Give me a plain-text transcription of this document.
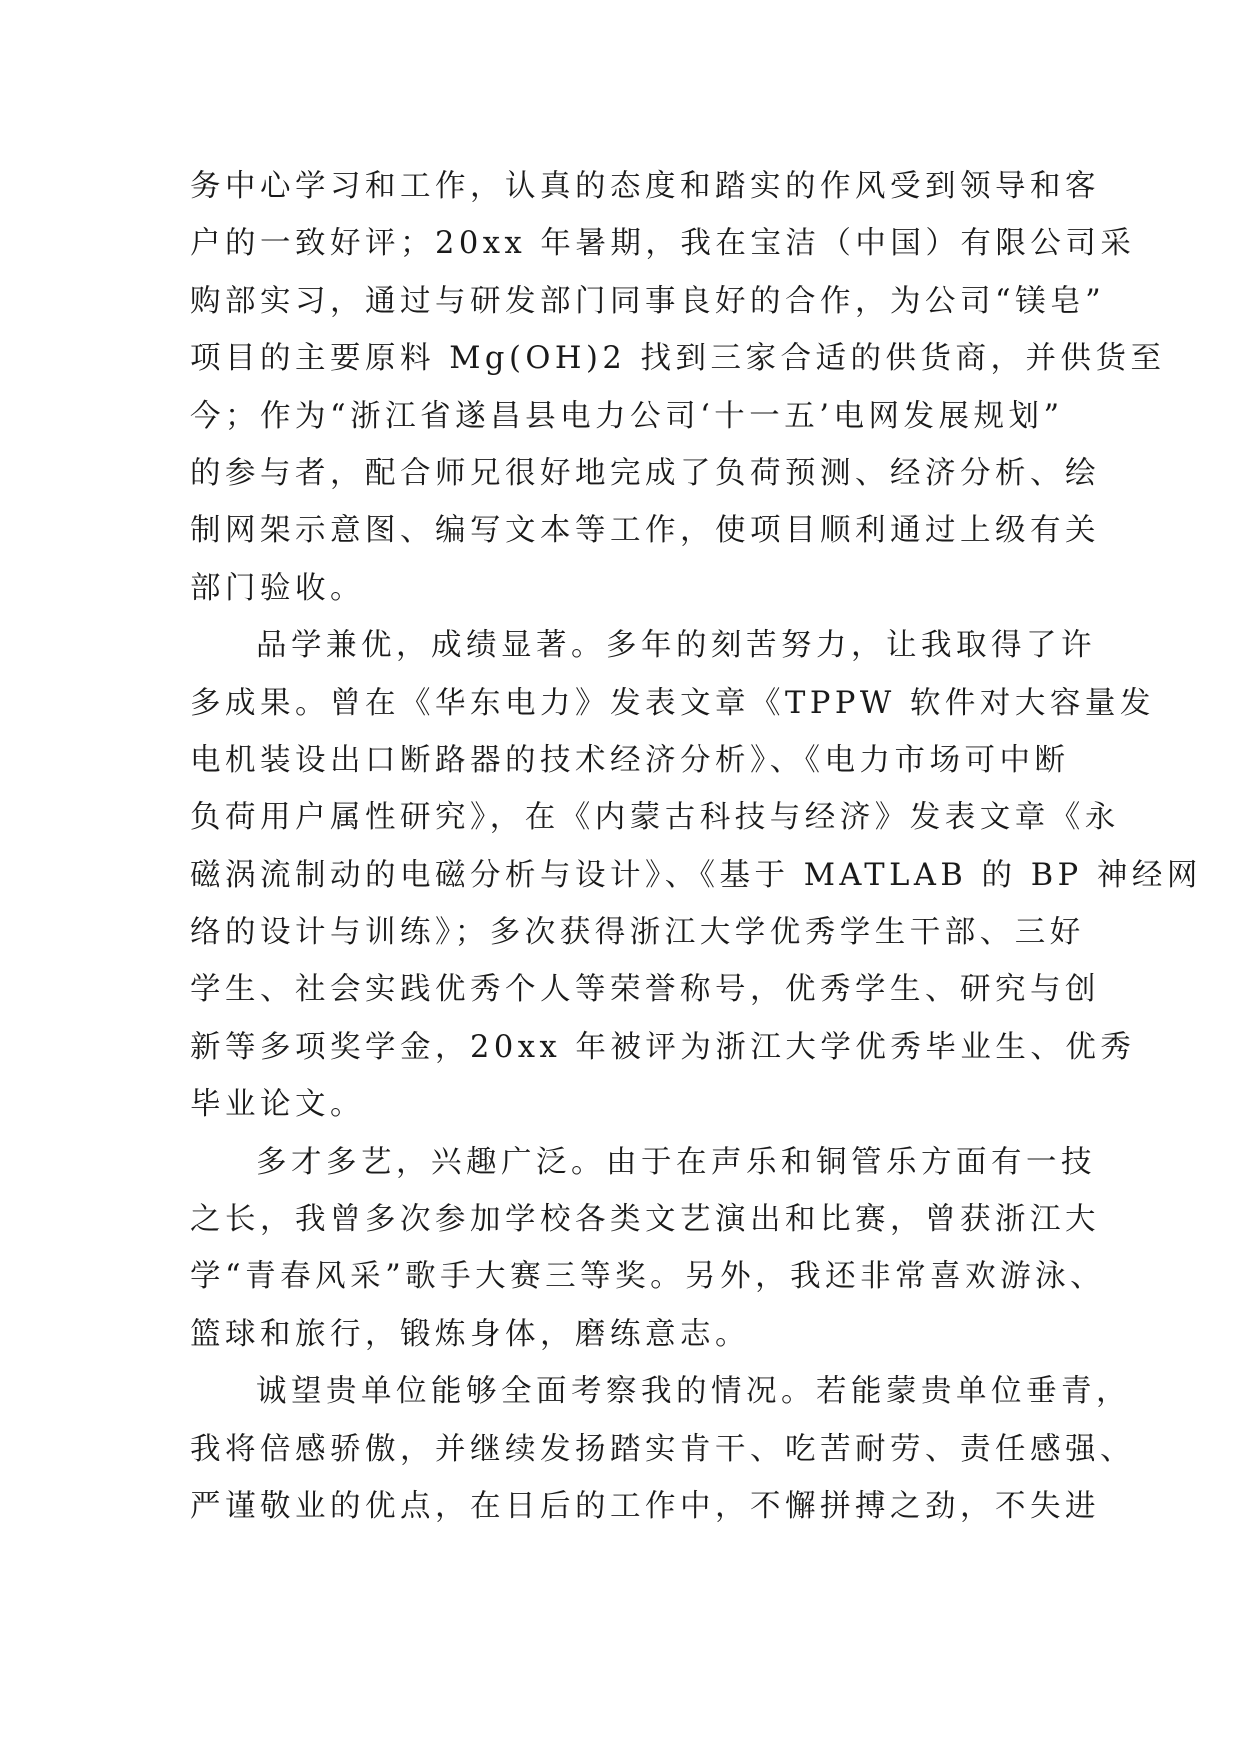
务中心学习和工作，认真的态度和踏实的作风受到领导和客
户的一致好评；20xx 年暑期，我在宝洁（中国）有限公司采
购部实习，通过与研发部门同事良好的合作，为公司“镁皂”
项目的主要原料 Mg(OH)2 找到三家合适的供货商，并供货至
今；作为“浙江省遂昌县电力公司‘十一五’电网发展规划”
的参与者，配合师兄很好地完成了负荷预测、经济分析、绘
制网架示意图、编写文本等工作，使项目顺利通过上级有关
部门验收。
品学兼优，成绩显著。多年的刻苦努力，让我取得了许
多成果。曾在《华东电力》发表文章《TPPW 软件对大容量发
电机装设出口断路器的技术经济分析》、《电力市场可中断
负荷用户属性研究》，在《内蒙古科技与经济》发表文章《永
磁涡流制动的电磁分析与设计》、《基于 MATLAB 的 BP 神经网
络的设计与训练》；多次获得浙江大学优秀学生干部、三好
学生、社会实践优秀个人等荣誉称号，优秀学生、研究与创
新等多项奖学金，20xx 年被评为浙江大学优秀毕业生、优秀
毕业论文。
多才多艺，兴趣广泛。由于在声乐和铜管乐方面有一技
之长，我曾多次参加学校各类文艺演出和比赛，曾获浙江大
学“青春风采”歌手大赛三等奖。另外，我还非常喜欢游泳、
篮球和旅行，锻炼身体，磨练意志。
诚望贵单位能够全面考察我的情况。若能蒙贵单位垂青，
我将倍感骄傲，并继续发扬踏实肯干、吃苦耐劳、责任感强、
严谨敬业的优点，在日后的工作中，不懈拼搏之劲，不失进
